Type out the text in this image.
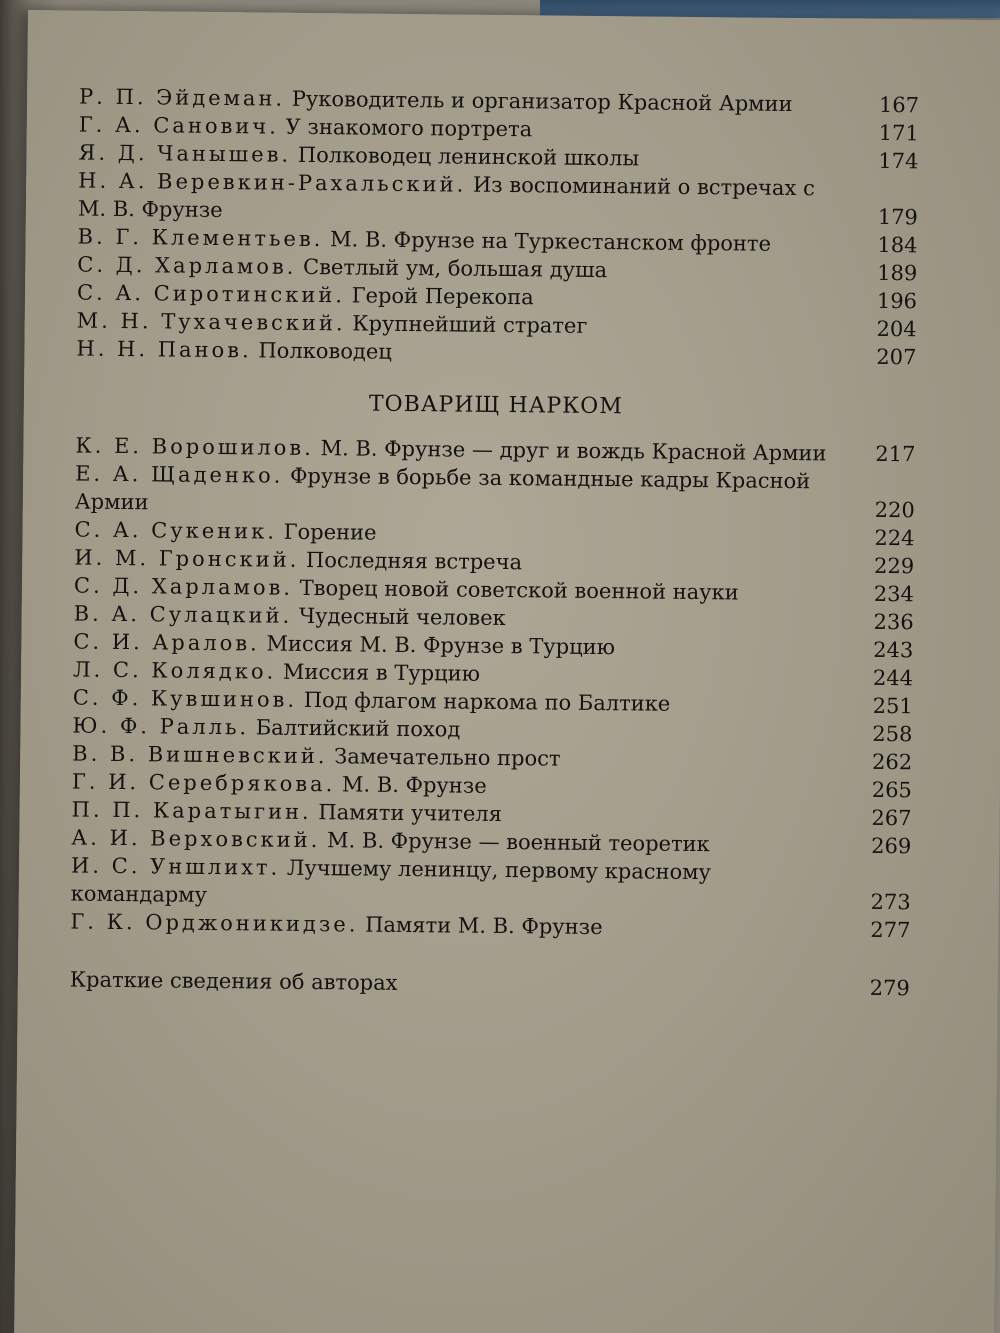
Р. П. Эйдеман. Руководитель и организатор Красной Армии	167
Г. А. Санович. У знакомого портрета	171
Я. Д. Чанышев. Полководец ленинской школы	174
Н. А. Веревкин-Рахальский. Из воспоминаний о встречах с М. В. Фрунзе	179
В. Г. Клементьев. М. В. Фрунзе на Туркестанском фронте	184
С. Д. Харламов. Светлый ум, большая душа	189
С. А. Сиротинский. Герой Перекопа	196
М. Н. Тухачевский. Крупнейший стратег	204
Н. Н. Панов. Полководец	207
ТОВАРИЩ НАРКОМ
К. Е. Ворошилов. М. В. Фрунзе — друг и вождь Красной Армии	217
Е. А. Щаденко. Фрунзе в борьбе за командные кадры Красной Армии	220
С. А. Сукеник. Горение	224
И. М. Гронский. Последняя встреча	229
С. Д. Харламов. Творец новой советской военной науки	234
В. А. Сулацкий. Чудесный человек	236
С. И. Аралов. Миссия М. В. Фрунзе в Турцию	243
Л. С. Колядко. Миссия в Турцию	244
С. Ф. Кувшинов. Под флагом наркома по Балтике	251
Ю. Ф. Ралль. Балтийский поход	258
В. В. Вишневский. Замечательно прост	262
Г. И. Серебрякова. М. В. Фрунзе	265
П. П. Каратыгин. Памяти учителя	267
А. И. Верховский. М. В. Фрунзе — военный теоретик	269
И. С. Уншлихт. Лучшему ленинцу, первому красному командарму	273
Г. К. Орджоникидзе. Памяти М. В. Фрунзе	277
Краткие сведения об авторах	279
